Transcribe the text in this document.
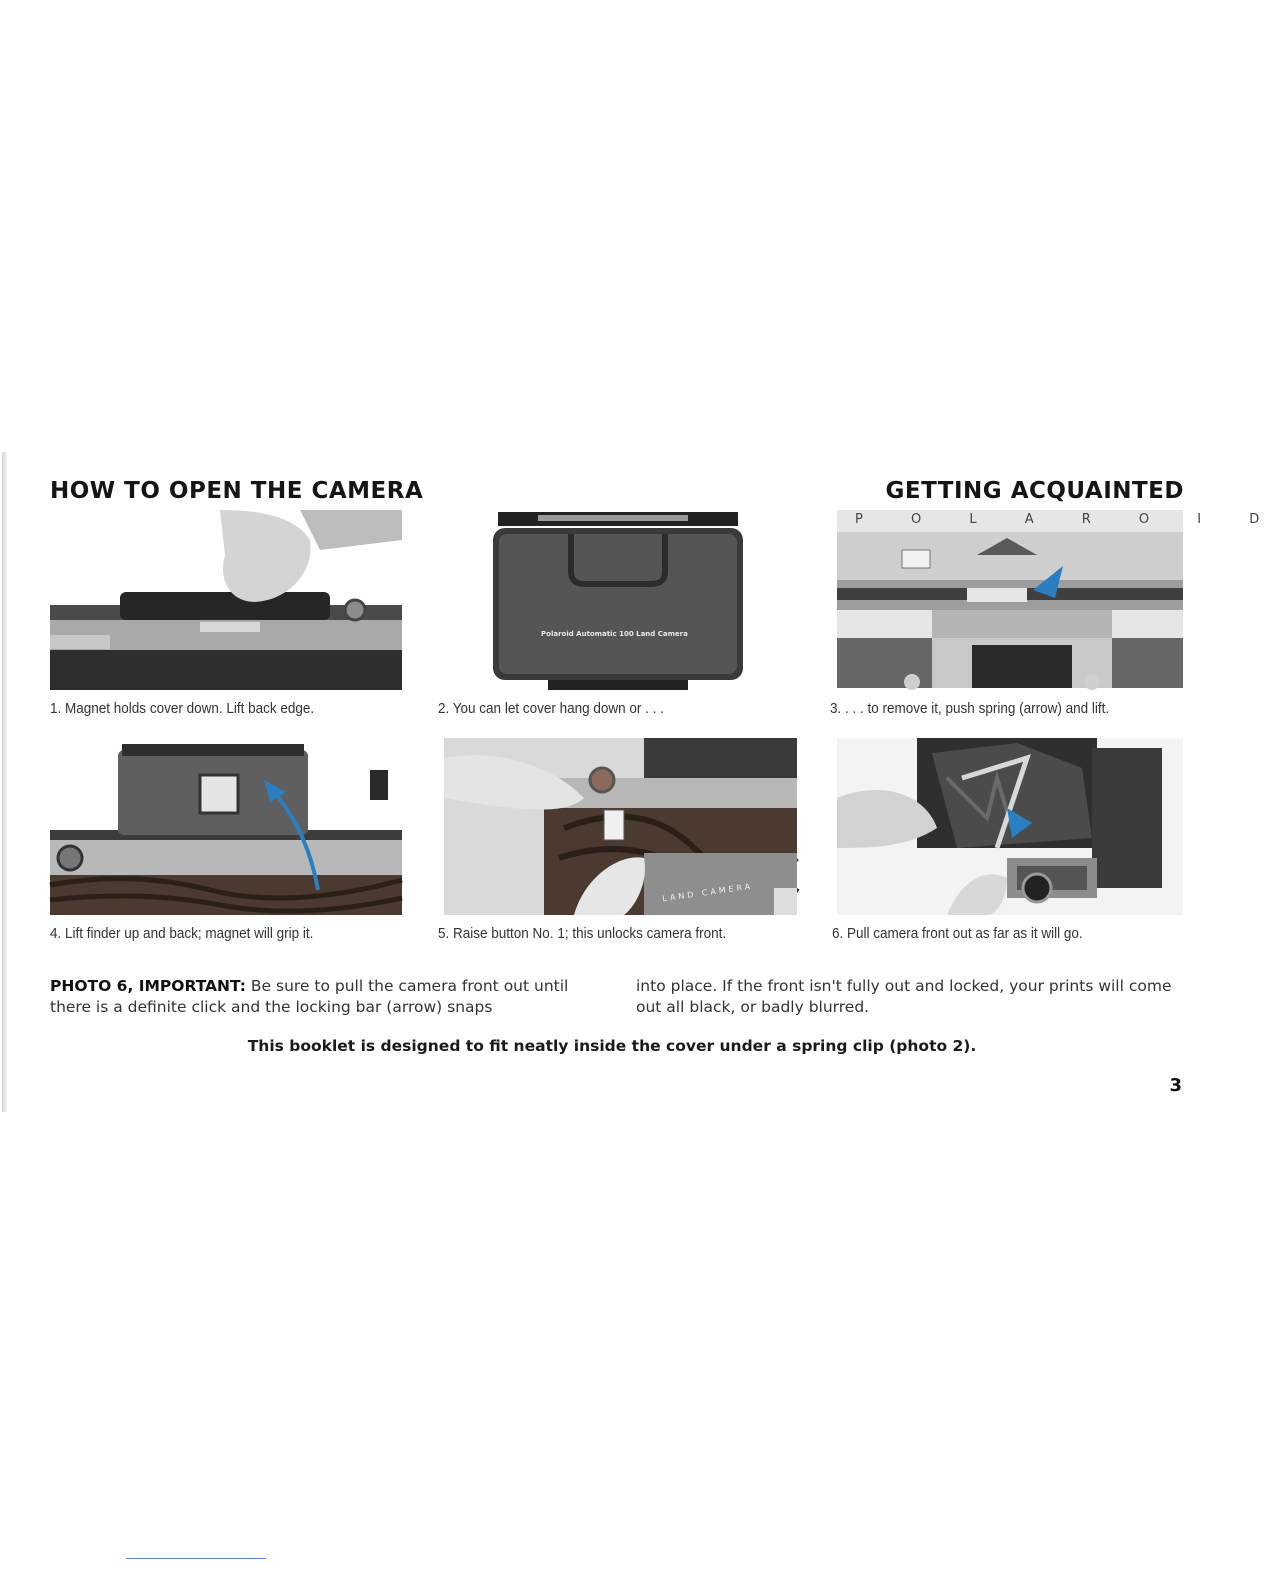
HOW TO OPEN THE CAMERA	GETTING ACQUAINTED

1. Magnet holds cover down. Lift back edge.

Polaroid Automatic 100 Land Camera

2. You can let cover hang down or . . .

P O L A R O I D

3. . . . to remove it, push spring (arrow) and lift.

4. Lift finder up and back; magnet will grip it.

LAND CAMERA

5. Raise button No. 1; this unlocks camera front.	6. Pull camera front out as far as it will go.

PHOTO 6, IMPORTANT: Be sure to pull the camera front out until there is a definite click and the locking bar (arrow) snaps

into place. If the front isn't fully out and locked, your prints will come out all black, or badly blurred.

This booklet is designed to fit neatly inside the cover under a spring clip (photo 2).

3
